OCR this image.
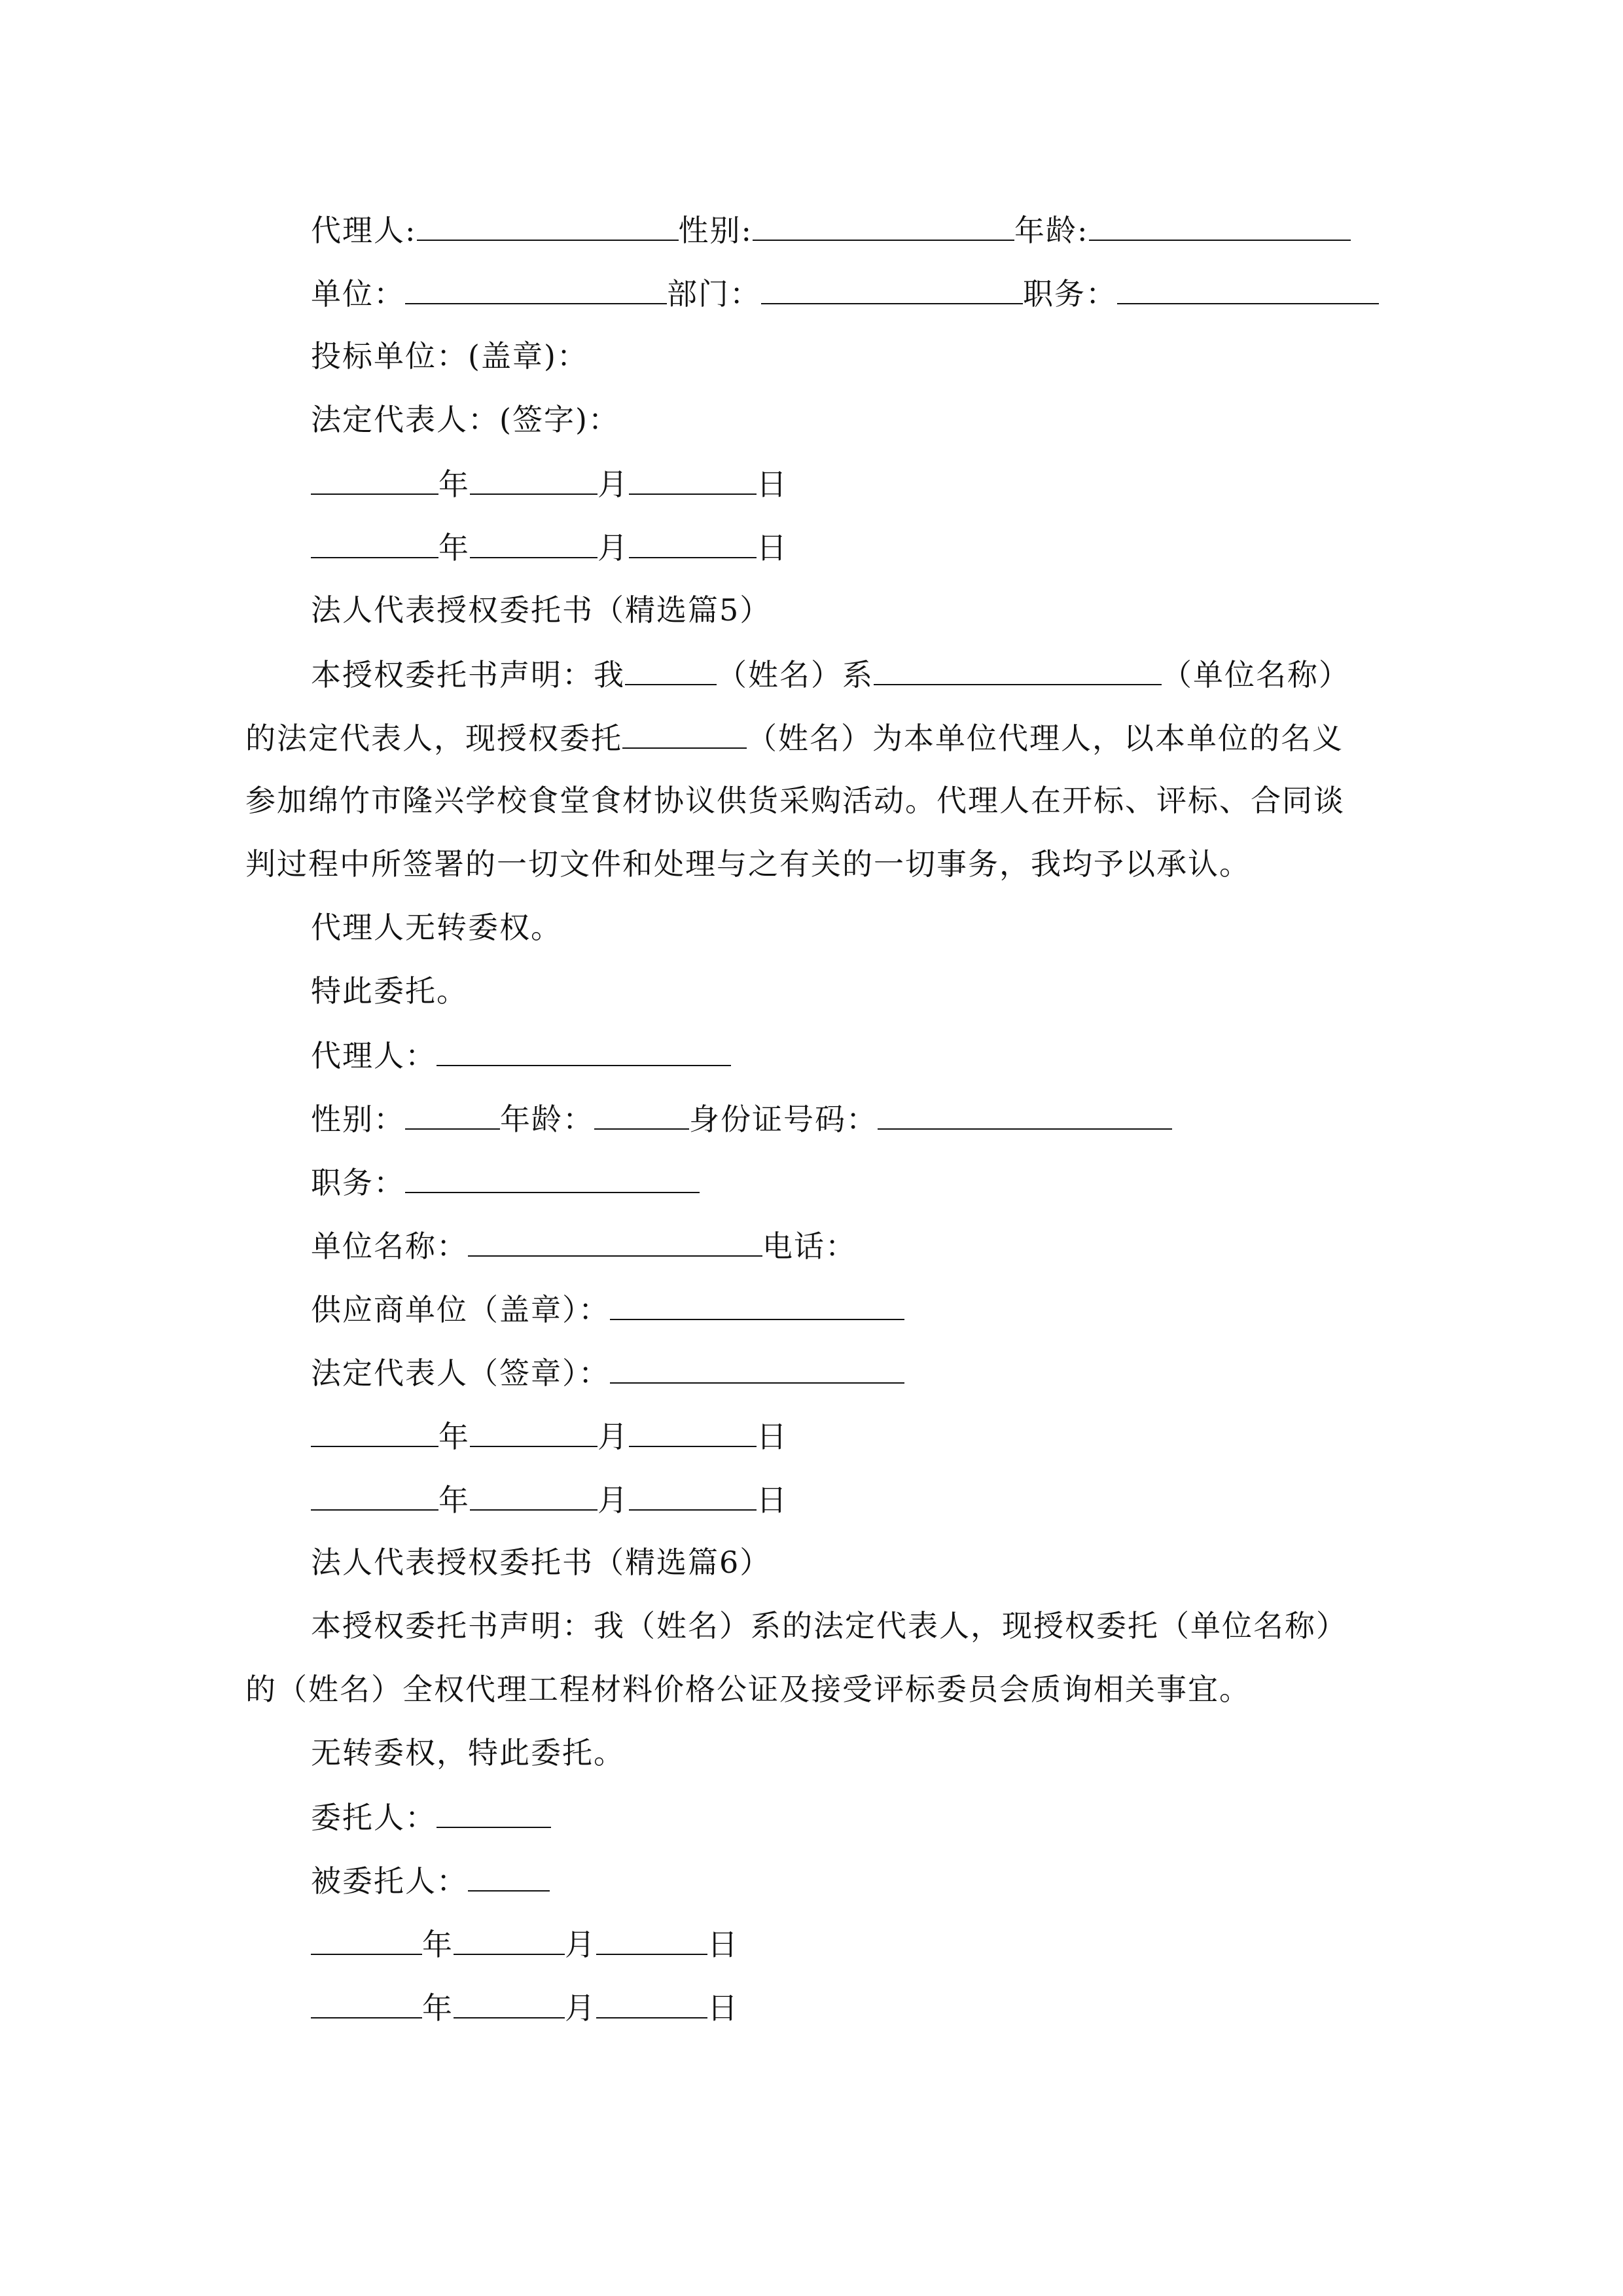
代理人:	性别:	年龄:
单位：	部门：	职务：
投标单位：(盖章)：
法定代表人：(签字)：
年	月	日
年	月	日
法人代表授权委托书（精选篇5）
本授权委托书声明：我	（姓名）系	（单位名称）
的法定代表人，现授权委托	（姓名）为本单位代理人，以本单位的名义
参加绵竹市隆兴学校食堂食材协议供货采购活动。代理人在开标、评标、合同谈
判过程中所签署的一切文件和处理与之有关的一切事务，我均予以承认。
代理人无转委权。
特此委托。
代理人：
性别：	年龄：	身份证号码：
职务：
单位名称：	电话：
供应商单位（盖章）：
法定代表人（签章）：
年	月	日
年	月	日
法人代表授权委托书（精选篇6）
本授权委托书声明：我（姓名）系的法定代表人，现授权委托（单位名称）
的（姓名）全权代理工程材料价格公证及接受评标委员会质询相关事宜。
无转委权，特此委托。
委托人：
被委托人：
年	月	日
年	月	日
